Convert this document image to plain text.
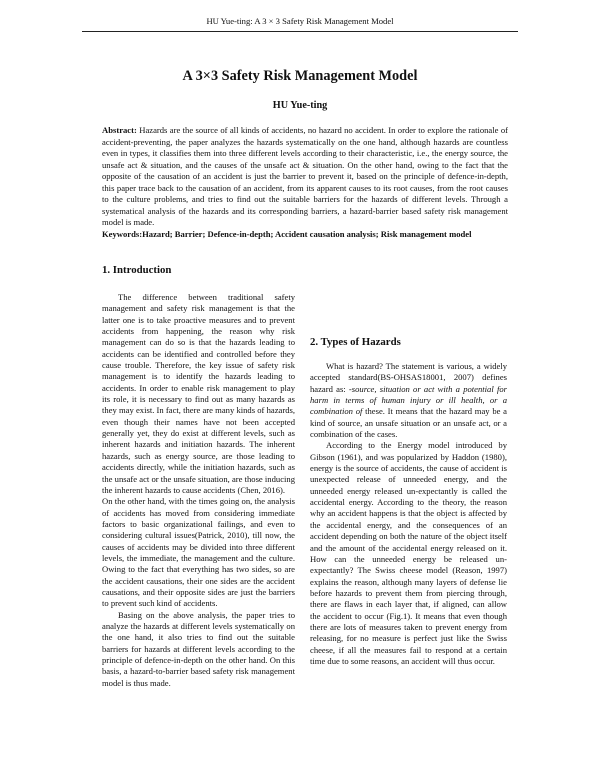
HU Yue-ting: A 3 × 3 Safety Risk Management Model
A 3×3 Safety Risk Management Model
HU Yue-ting

Abstract: Hazards are the source of all kinds of accidents, no hazard no accident. In order to explore the rationale of accident-preventing, the paper analyzes the hazards systematically on the one hand, although hazards are countless even in types, it classifies them into three different levels according to their characteristic, i.e., the energy source, the unsafe act & situation, and the causes of the unsafe act & situation. On the other hand, owing to the fact that the opposite of the causation of an accident is just the barrier to prevent it, based on the principle of defence-in-depth, this paper trace back to the causation of an accident, from its apparent causes to its root causes, from the root causes to the culture problems, and tries to find out the suitable barriers for the hazards of different levels. Through a systematical analysis of the hazards and its corresponding barriers, a hazard-barrier based safety risk management model is made.
Keywords:Hazard; Barrier; Defence-in-depth; Accident causation analysis; Risk management model

1. Introduction

The difference between traditional safety management and safety risk management is that the latter one is to take proactive measures and to prevent accidents from happening, the reason why risk management can do so is that the hazards leading to accidents can be identified and controlled before they cause trouble. Therefore, the key issue of safety risk management is to identify the hazards leading to accidents. In order to enable risk management to play its role, it is necessary to find out as many hazards as they may exist. In fact, there are many kinds of hazards, even though their names have not been accepted generally yet, they do exist at different levels, such as inherent hazards and initiation hazards. The inherent hazards, such as energy source, are those leading to accidents directly, while the initiation hazards, such as the unsafe act or the unsafe situation, are those inducing the inherent hazards to cause accidents (Chen, 2016).

On the other hand, with the times going on, the analysis of accidents has moved from considering immediate factors to basic organizational failings, and even to considering cultural issues(Patrick, 2010), till now, the causes of accidents may be divided into three different levels, the immediate, the management and the culture. Owing to the fact that everything has two sides, so are the accident causations, their one sides are the accident causations, and their opposite sides are just the barriers to prevent such kind of accidents.

Basing on the above analysis, the paper tries to analyze the hazards at different levels systematically on the one hand, it also tries to find out the suitable barriers for hazards at different levels according to the principle of defence-in-depth on the other hand. On this basis, a hazard-to-barrier based safety risk management model is thus made.

2. Types of Hazards

What is hazard? The statement is various, a widely accepted standard(BS-OHSAS18001, 2007) defines hazard as: -source, situation or act with a potential for harm in terms of human injury or ill health, or a combination of these. It means that the hazard may be a kind of source, an unsafe situation or an unsafe act, or a combination of the cases.

According to the Energy model introduced by Gibson (1961), and was popularized by Haddon (1980), energy is the source of accidents, the cause of accident is unexpected release of unneeded energy, and the unneeded energy released un-expectantly is called the accidental energy. According to the theory, the reason why an accident happens is that the object is affected by the accidental energy, and the consequences of an accident depending on both the nature of the object itself and the amount of the accidental energy released on it. How can the unneeded energy be released un-expectantly? The Swiss cheese model (Reason, 1997) explains the reason, although many layers of defense lie before hazards to prevent them from piercing through, there are flaws in each layer that, if aligned, can allow the accident to occur (Fig.1). It means that even though there are lots of measures taken to prevent energy from releasing, for no measure is perfect just like the Swiss cheese, if all the measures fail to respond at a certain time due to some reasons, an accident will thus occur.
